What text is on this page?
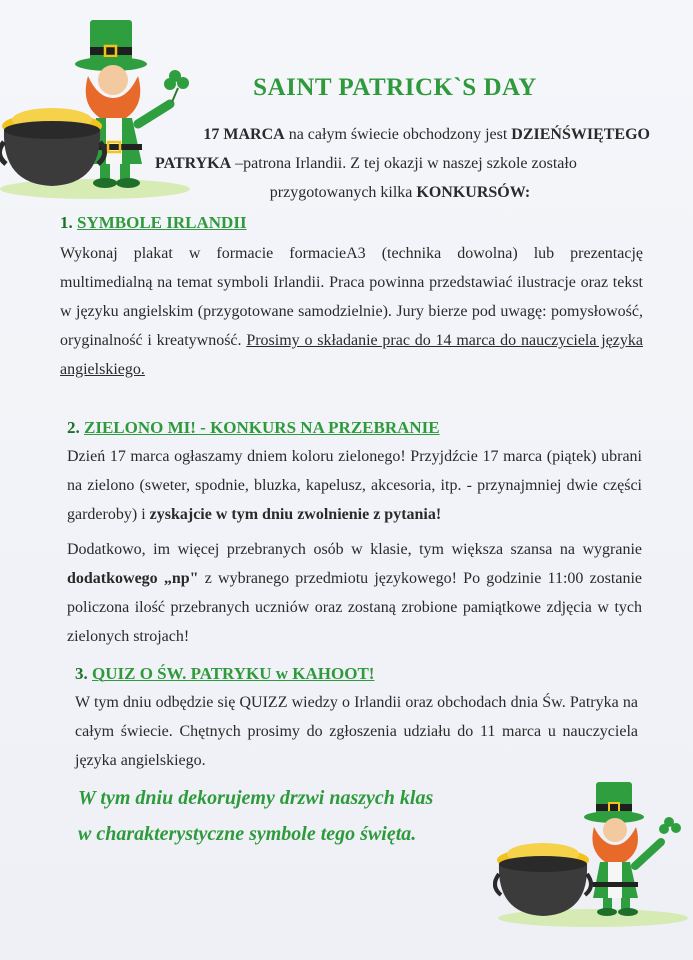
SAINT PATRICK`S DAY
17 MARCA na całym świecie obchodzony jest DZIEŃŚWIĘTEGO
PATRYKA –patrona Irlandii. Z tej okazji w naszej szkole zostało
przygotowanych kilka KONKURSÓW:
1. SYMBOLE IRLANDII
Wykonaj plakat w formacie formacieA3 (technika dowolna) lub prezentację multimedialną na temat symboli Irlandii. Praca powinna przedstawiać ilustracje oraz tekst w języku angielskim (przygotowane samodzielnie). Jury bierze pod uwagę: pomysłowość, oryginalność i kreatywność. Prosimy o składanie prac do 14 marca do nauczyciela języka angielskiego.
2. ZIELONO MI! - KONKURS NA PRZEBRANIE
Dzień 17 marca ogłaszamy dniem koloru zielonego! Przyjdźcie 17 marca (piątek) ubrani na zielono (sweter, spodnie, bluzka, kapelusz, akcesoria, itp. - przynajmniej dwie części garderoby) i zyskajcie w tym dniu zwolnienie z pytania!
Dodatkowo, im więcej przebranych osób w klasie, tym większa szansa na wygranie dodatkowego „np" z wybranego przedmiotu językowego! Po godzinie 11:00 zostanie policzona ilość przebranych uczniów oraz zostaną zrobione pamiątkowe zdjęcia w tych zielonych strojach!
3. QUIZ O ŚW. PATRYKU w KAHOOT!
W tym dniu odbędzie się QUIZZ wiedzy o Irlandii oraz obchodach dnia Św. Patryka na całym świecie. Chętnych prosimy do zgłoszenia udziału do 11 marca u nauczyciela języka angielskiego.
W tym dniu dekorujemy drzwi naszych klas
w charakterystyczne symbole tego święta.
